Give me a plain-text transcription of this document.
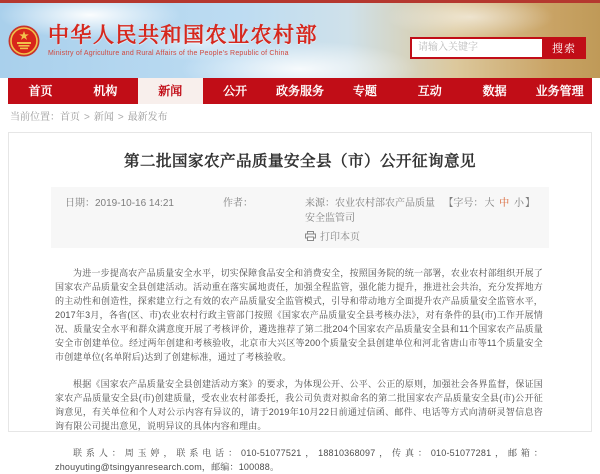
中华人民共和国农业农村部
Ministry of Agriculture and Rural Affairs of the People's Republic of China
请输入关键字	搜索
首页	机构	新闻	公开	政务服务	专题	互动	数据	业务管理
当前位置：首页 > 新闻 > 最新发布
第二批国家农产品质量安全县（市）公开征询意见
日期：2019-10-16 14:21	作者：	来源：农业农村部农产品质量安全监管司
打印本页
【字号：大 中 小】

为进一步提高农产品质量安全水平，切实保障食品安全和消费安全，按照国务院的统一部署，农业农村部组织开展了国家农产品质量安全县创建活动。活动重在落实属地责任，加强全程监管，强化能力提升，推进社会共治，充分发挥地方的主动性和创造性，探索建立行之有效的农产品质量安全监管模式，引导和带动地方全面提升农产品质量安全监管水平，2017年3月，各省(区、市)农业农村行政主管部门按照《国家农产品质量安全县考核办法》，对有条件的县(市)工作开展情况、质量安全水平和群众满意度开展了考核评价，遴选推荐了第二批204个国家农产品质量安全县和11个国家农产品质量安全市创建单位。经过两年创建和考核验收，北京市大兴区等200个质量安全县创建单位和河北省唐山市等11个质量安全市创建单位(名单附后)达到了创建标准，通过了考核验收。

根据《国家农产品质量安全县创建活动方案》的要求，为体现公开、公平、公正的原则，加强社会各界监督，保证国家农产品质量安全县(市)创建质量，受农业农村部委托，我公司负责对拟命名的第二批国家农产品质量安全县(市)公开征询意见，有关单位和个人对公示内容有异议的，请于2019年10月22日前通过信函、邮件、电话等方式向清研灵智信息咨询有限公司提出意见，说明异议的具体内容和理由。

联系人：周玉婷，联系电话：010-51077521，18810368097，传真：010-51077281，邮箱：zhouyuting@tsingyanresearch.com，邮编：100088。
